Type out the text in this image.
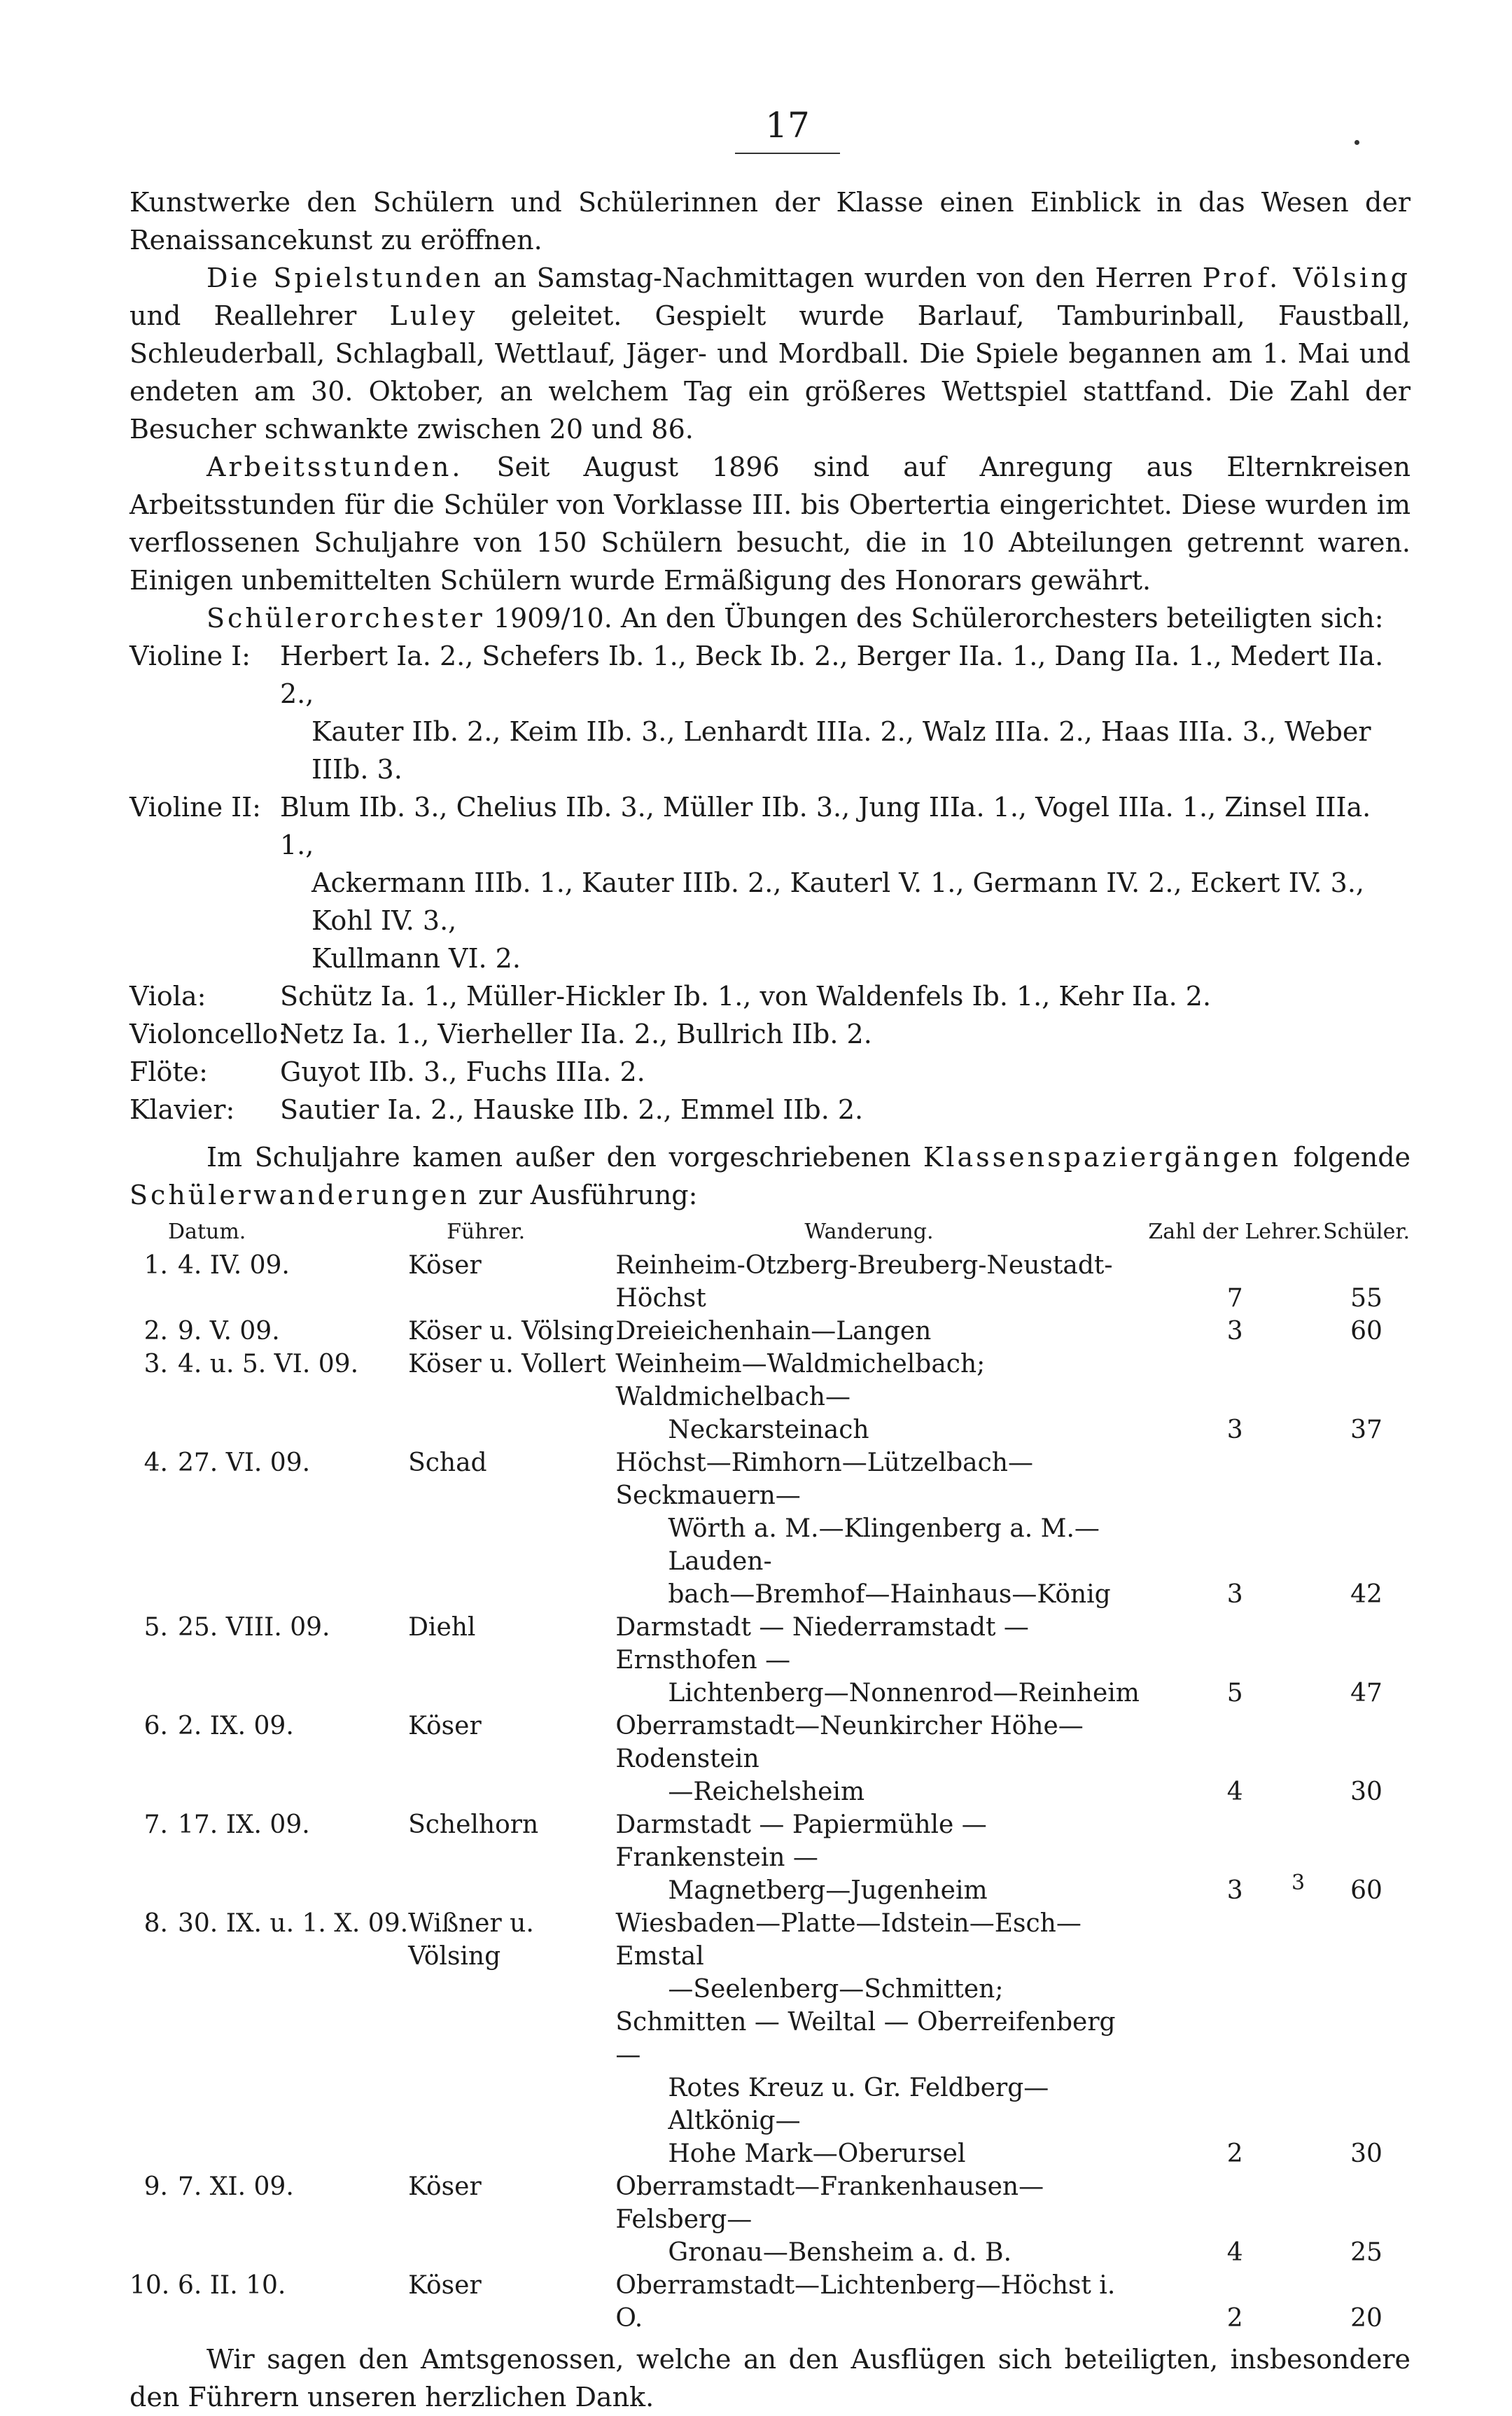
17

Kunstwerke den Schülern und Schülerinnen der Klasse einen Einblick in das Wesen der Renaissancekunst zu eröffnen.

Die Spielstunden an Samstag-Nachmittagen wurden von den Herren Prof. Völsing und Reallehrer Luley geleitet. Gespielt wurde Barlauf, Tamburinball, Faustball, Schleuderball, Schlagball, Wettlauf, Jäger- und Mordball. Die Spiele begannen am 1. Mai und endeten am 30. Oktober, an welchem Tag ein größeres Wettspiel stattfand. Die Zahl der Besucher schwankte zwischen 20 und 86.

Arbeitsstunden. Seit August 1896 sind auf Anregung aus Elternkreisen Arbeitsstunden für die Schüler von Vorklasse III. bis Obertertia eingerichtet. Diese wurden im verflossenen Schuljahre von 150 Schülern besucht, die in 10 Abteilungen getrennt waren. Einigen unbemittelten Schülern wurde Ermäßigung des Honorars gewährt.

Schülerorchester 1909/10. An den Übungen des Schülerorchesters beteiligten sich:

Violine I:	Herbert Ia. 2., Schefers Ib. 1., Beck Ib. 2., Berger IIa. 1., Dang IIa. 1., Medert IIa. 2.,
Kauter IIb. 2., Keim IIb. 3., Lenhardt IIIa. 2., Walz IIIa. 2., Haas IIIa. 3., Weber IIIb. 3.
Violine II: Blum IIb. 3., Chelius IIb. 3., Müller IIb. 3., Jung IIIa. 1., Vogel IIIa. 1., Zinsel IIIa. 1.,
Ackermann IIIb. 1., Kauter IIIb. 2., Kauterl V. 1., Germann IV. 2., Eckert IV. 3., Kohl IV. 3.,
Kullmann VI. 2.
Viola:	Schütz Ia. 1., Müller-Hickler Ib. 1., von Waldenfels Ib. 1., Kehr IIa. 2.
Violoncello:
Netz Ia. 1., Vierheller IIa. 2., Bullrich IIb. 2.
Flöte:	Guyot IIb. 3., Fuchs IIIa. 2.
Klavier:	Sautier Ia. 2., Hauske IIb. 2., Emmel IIb. 2.

Im Schuljahre kamen außer den vorgeschriebenen Klassenspaziergängen folgende Schülerwanderungen zur Ausführung:

Datum.	Führer.	Wanderung.	Zahl der Lehrer.	Schüler.
1. 4. IV. 09.	Köser	Reinheim-Otzberg-Breuberg-Neustadt-Höchst	7	55
2. 9. V. 09.	Köser u. Völsing	Dreieichenhain—Langen	3	60
3. 4. u. 5. VI. 09.	Köser u. Vollert	Weinheim—Waldmichelbach; Waldmichelbach—
Neckarsteinach	3	37
4. 27. VI. 09.	Schad	Höchst—Rimhorn—Lützelbach—Seckmauern—
Wörth a. M.—Klingenberg a. M.—Lauden-
bach—Bremhof—Hainhaus—König	3	42
5. 25. VIII. 09.	Diehl	Darmstadt — Niederramstadt — Ernsthofen —
Lichtenberg—Nonnenrod—Reinheim	5	47
6. 2. IX. 09.	Köser	Oberramstadt—Neunkircher Höhe—Rodenstein
—Reichelsheim	4	30
7. 17. IX. 09.	Schelhorn	Darmstadt — Papiermühle — Frankenstein —
Magnetberg—Jugenheim	3	60
8. 30. IX. u. 1. X. 09.	Wißner u. Völsing	Wiesbaden—Platte—Idstein—Esch—Emstal
—Seelenberg—Schmitten;
Schmitten — Weiltal — Oberreifenberg —
Rotes Kreuz u. Gr. Feldberg—Altkönig—
Hohe Mark—Oberursel	2	30
9. 7. XI. 09.	Köser	Oberramstadt—Frankenhausen—Felsberg—
Gronau—Bensheim a. d. B.	4	25
10. 6. II. 10.	Köser	Oberramstadt—Lichtenberg—Höchst i. O.	2	20

Wir sagen den Amtsgenossen, welche an den Ausflügen sich beteiligten, insbesondere den Führern unseren herzlichen Dank.

3
